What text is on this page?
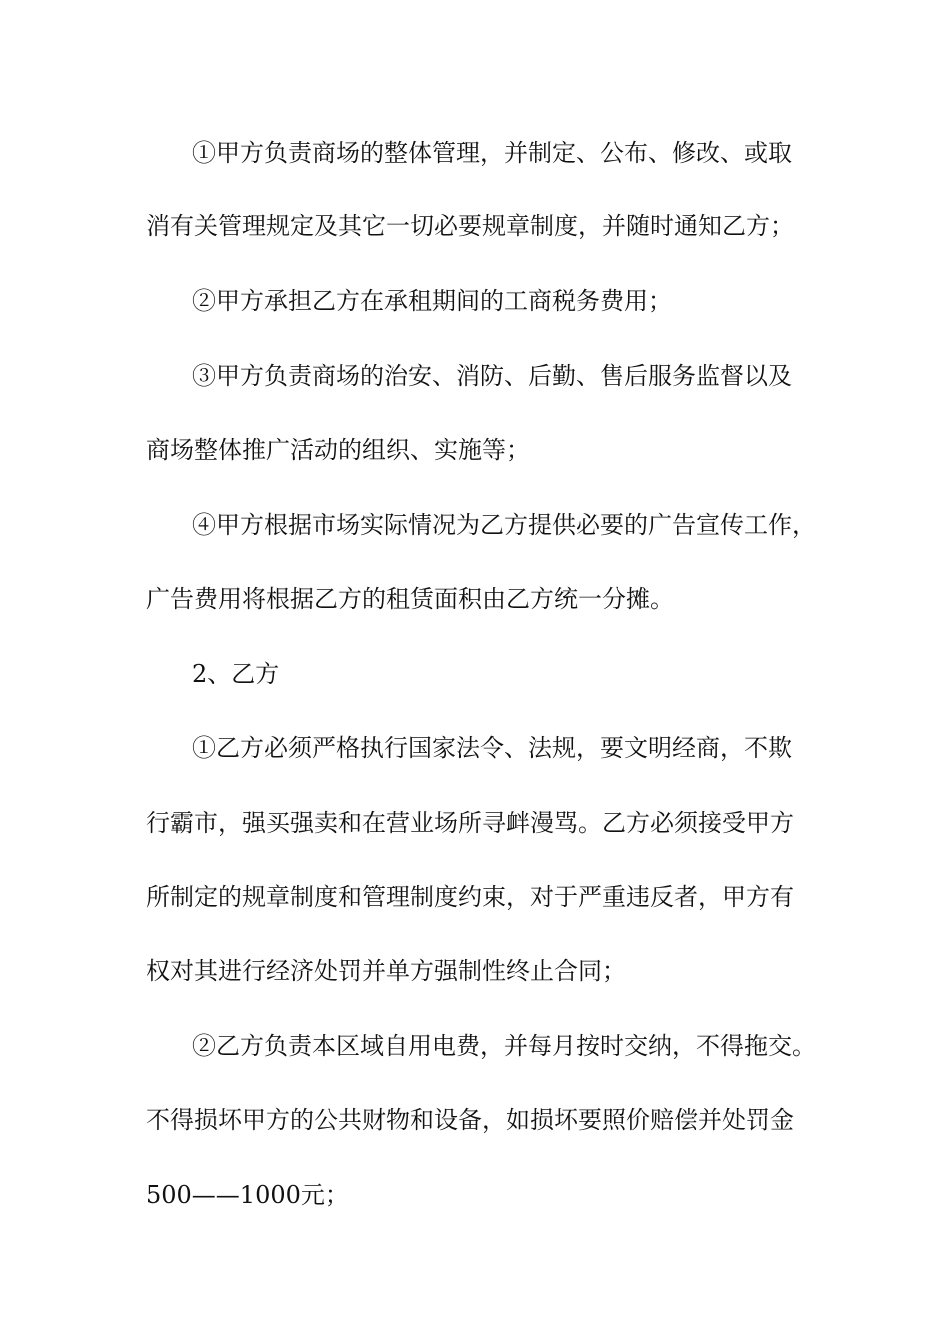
①甲方负责商场的整体管理，并制定、公布、修改、或取
消有关管理规定及其它一切必要规章制度，并随时通知乙方；
②甲方承担乙方在承租期间的工商税务费用；
③甲方负责商场的治安、消防、后勤、售后服务监督以及
商场整体推广活动的组织、实施等；
④甲方根据市场实际情况为乙方提供必要的广告宣传工作，
广告费用将根据乙方的租赁面积由乙方统一分摊。
2、乙方
①乙方必须严格执行国家法令、法规，要文明经商，不欺
行霸市，强买强卖和在营业场所寻衅漫骂。乙方必须接受甲方
所制定的规章制度和管理制度约束，对于严重违反者，甲方有
权对其进行经济处罚并单方强制性终止合同；
②乙方负责本区域自用电费，并每月按时交纳，不得拖交。
不得损坏甲方的公共财物和设备，如损坏要照价赔偿并处罚金
500——1000元；
